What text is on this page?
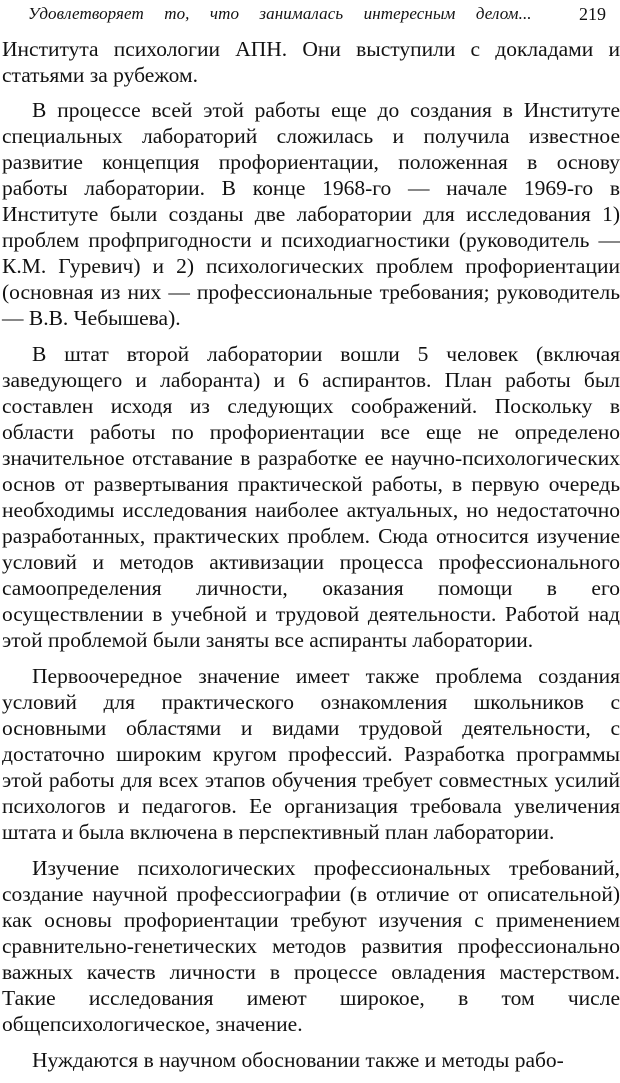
Удовлетворяет то, что занималась интересным делом...	219

Института психологии АПН. Они выступили с докладами и статьями за рубежом.

В процессе всей этой работы еще до создания в Институте специальных лабораторий сложилась и получила известное развитие концепция профориентации, положенная в основу работы лаборатории. В конце 1968-го — начале 1969-го в Институте были созданы две лаборатории для исследования 1) проблем профпригодности и психодиагностики (руководитель — К.М. Гуревич) и 2) психологических проблем профориентации (основная из них — профессиональные требования; руководитель — В.В. Чебышева).

В штат второй лаборатории вошли 5 человек (включая заведующего и лаборанта) и 6 аспирантов. План работы был составлен исходя из следующих соображений. Поскольку в области работы по профориентации все еще не определено значительное отставание в разработке ее научно-психологических основ от развертывания практической работы, в первую очередь необходимы исследования наиболее актуальных, но недостаточно разработанных, практических проблем. Сюда относится изучение условий и методов активизации процесса профессионального самоопределения личности, оказания помощи в его осуществлении в учебной и трудовой деятельности. Работой над этой проблемой были заняты все аспиранты лаборатории.

Первоочередное значение имеет также проблема создания условий для практического ознакомления школьников с основными областями и видами трудовой деятельности, с достаточно широким кругом профессий. Разработка программы этой работы для всех этапов обучения требует совместных усилий психологов и педагогов. Ее организация требовала увеличения штата и была включена в перспективный план лаборатории.

Изучение психологических профессиональных требований, создание научной профессиографии (в отличие от описательной) как основы профориентации требуют изучения с применением сравнительно-генетических методов развития профессионально важных качеств личности в процессе овладения мастерством. Такие исследования имеют широкое, в том числе общепсихологическое, значение.

Нуждаются в научном обосновании также и методы рабо-
